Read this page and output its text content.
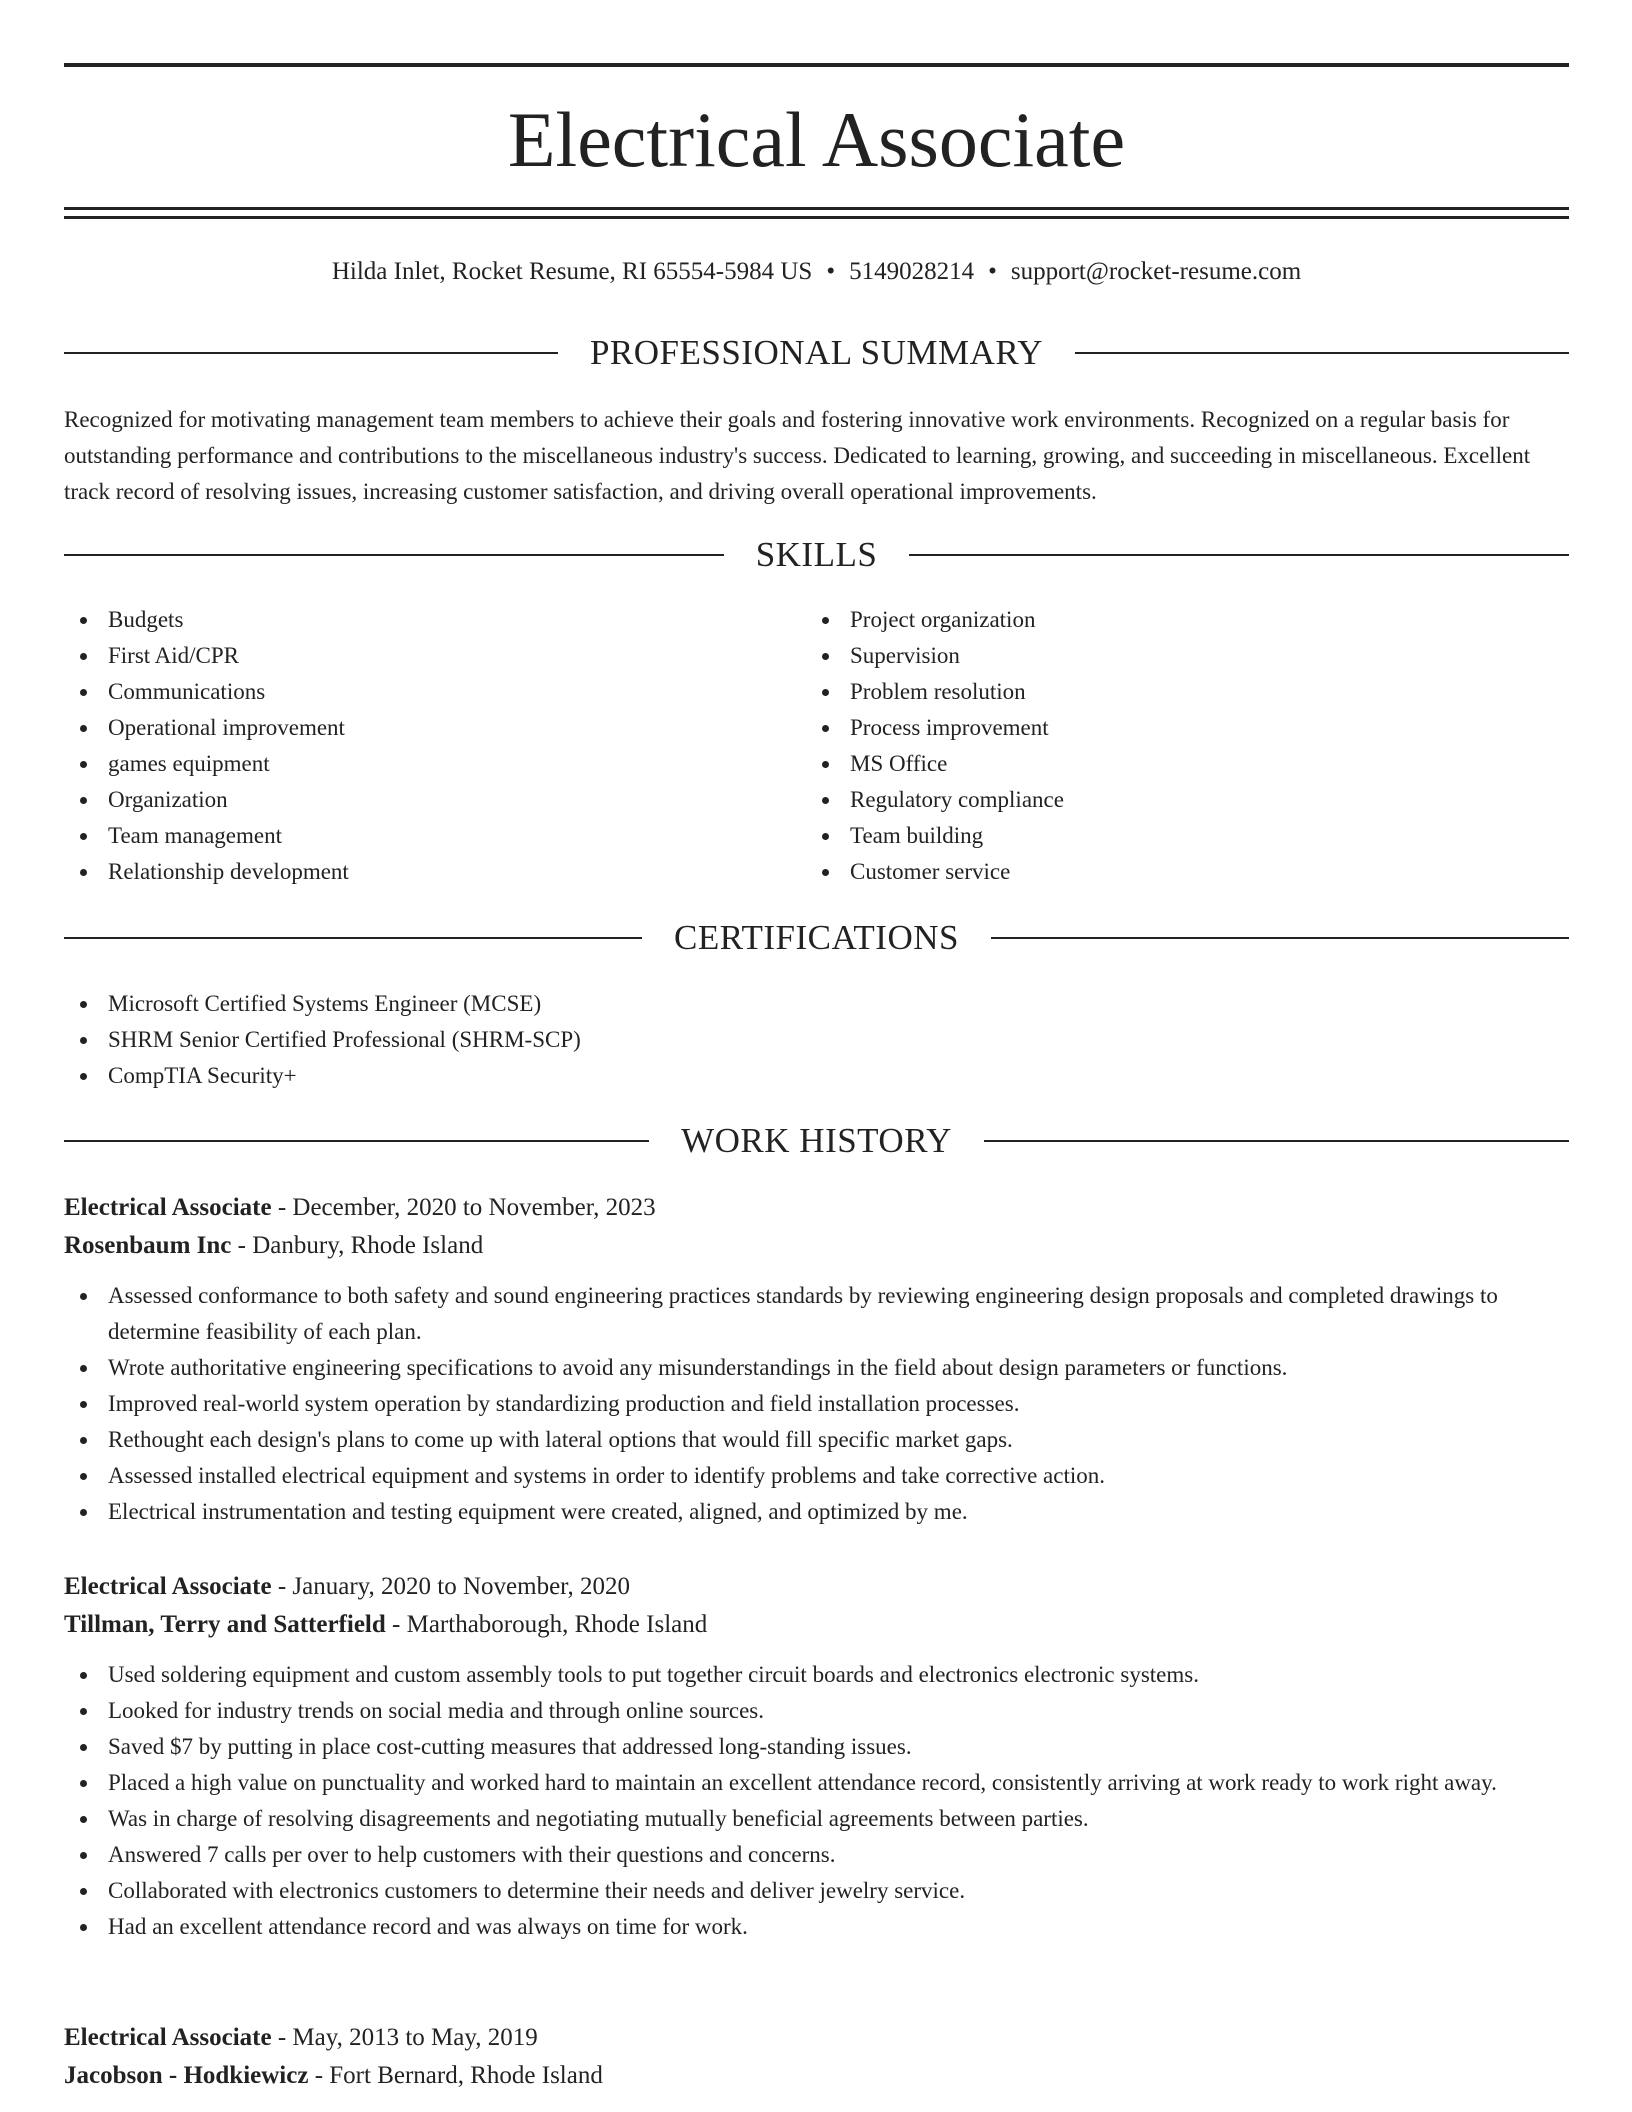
Electrical Associate
Hilda Inlet, Rocket Resume, RI 65554-5984 US • 5149028214 • support@rocket-resume.com
PROFESSIONAL SUMMARY

Recognized for motivating management team members to achieve their goals and fostering innovative work environments. Recognized on a regular basis for outstanding performance and contributions to the miscellaneous industry's success. Dedicated to learning, growing, and succeeding in miscellaneous. Excellent track record of resolving issues, increasing customer satisfaction, and driving overall operational improvements.

SKILLS
Budgets
First Aid/CPR
Communications
Operational improvement
games equipment
Organization
Team management
Relationship development
Project organization
Supervision
Problem resolution
Process improvement
MS Office
Regulatory compliance
Team building
Customer service
CERTIFICATIONS
Microsoft Certified Systems Engineer (MCSE)
SHRM Senior Certified Professional (SHRM-SCP)
CompTIA Security+
WORK HISTORY
Electrical Associate - December, 2020 to November, 2023
Rosenbaum Inc - Danbury, Rhode Island
Assessed conformance to both safety and sound engineering practices standards by reviewing engineering design proposals and completed drawings to determine feasibility of each plan.
Wrote authoritative engineering specifications to avoid any misunderstandings in the field about design parameters or functions.
Improved real-world system operation by standardizing production and field installation processes.
Rethought each design's plans to come up with lateral options that would fill specific market gaps.
Assessed installed electrical equipment and systems in order to identify problems and take corrective action.
Electrical instrumentation and testing equipment were created, aligned, and optimized by me.
Electrical Associate - January, 2020 to November, 2020
Tillman, Terry and Satterfield - Marthaborough, Rhode Island
Used soldering equipment and custom assembly tools to put together circuit boards and electronics electronic systems.
Looked for industry trends on social media and through online sources.
Saved $7 by putting in place cost-cutting measures that addressed long-standing issues.
Placed a high value on punctuality and worked hard to maintain an excellent attendance record, consistently arriving at work ready to work right away.
Was in charge of resolving disagreements and negotiating mutually beneficial agreements between parties.
Answered 7 calls per over to help customers with their questions and concerns.
Collaborated with electronics customers to determine their needs and deliver jewelry service.
Had an excellent attendance record and was always on time for work.
Electrical Associate - May, 2013 to May, 2019
Jacobson - Hodkiewicz - Fort Bernard, Rhode Island
